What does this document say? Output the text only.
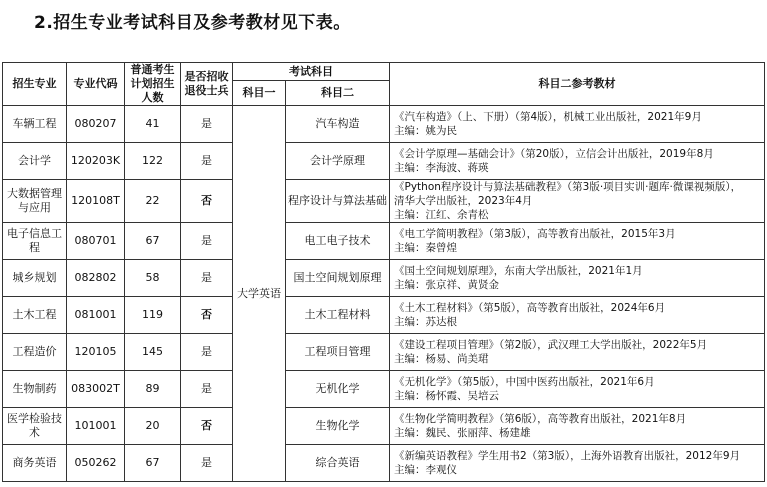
2.招生专业考试科目及参考教材见下表。
招生专业	专业代码	普通考生计划招生人数	是否招收退役士兵	考试科目		科目二参考教材
				科目一	科目二	
车辆工程	080207	41	是	大学英语	汽车构造	《汽车构造》（上、下册）（第4版），机械工业出版社，2021年9月
主编：姚为民

会计学	120203K	122	是		会计学原理	《会计学原理—基础会计》（第20版），立信会计出版社，2019年8月
主编：李海波、蒋瑛

大数据管理与应用	120108T	22	否		程序设计与算法基础	《Python程序设计与算法基础教程》（第3版·项目实训·题库·微课视频版），
清华大学出版社，2023年4月
主编：江红、余青松

电子信息工程	080701	67	是		电工电子技术	《电工学简明教程》（第3版），高等教育出版社，2015年3月
主编：秦曾煌

城乡规划	082802	58	是		国土空间规划原理	《国土空间规划原理》，东南大学出版社，2021年1月
主编：张京祥、黄贤金

土木工程	081001	119	否		土木工程材料	《土木工程材料》（第5版），高等教育出版社，2024年6月
主编：苏达根

工程造价	120105	145	是		工程项目管理	《建设工程项目管理》（第2版），武汉理工大学出版社，2022年5月
主编：杨易、尚美珺

生物制药	083002T	89	是		无机化学	《无机化学》（第5版），中国中医药出版社，2021年6月
主编：杨怀霞、吴培云

医学检验技术	101001	20	否		生物化学	《生物化学简明教程》（第6版），高等教育出版社，2021年8月
主编：魏民、张丽萍、杨建雄

商务英语	050262	67	是		综合英语	《新编英语教程》学生用书2（第3版），上海外语教育出版社，2012年9月
主编：李观仪
